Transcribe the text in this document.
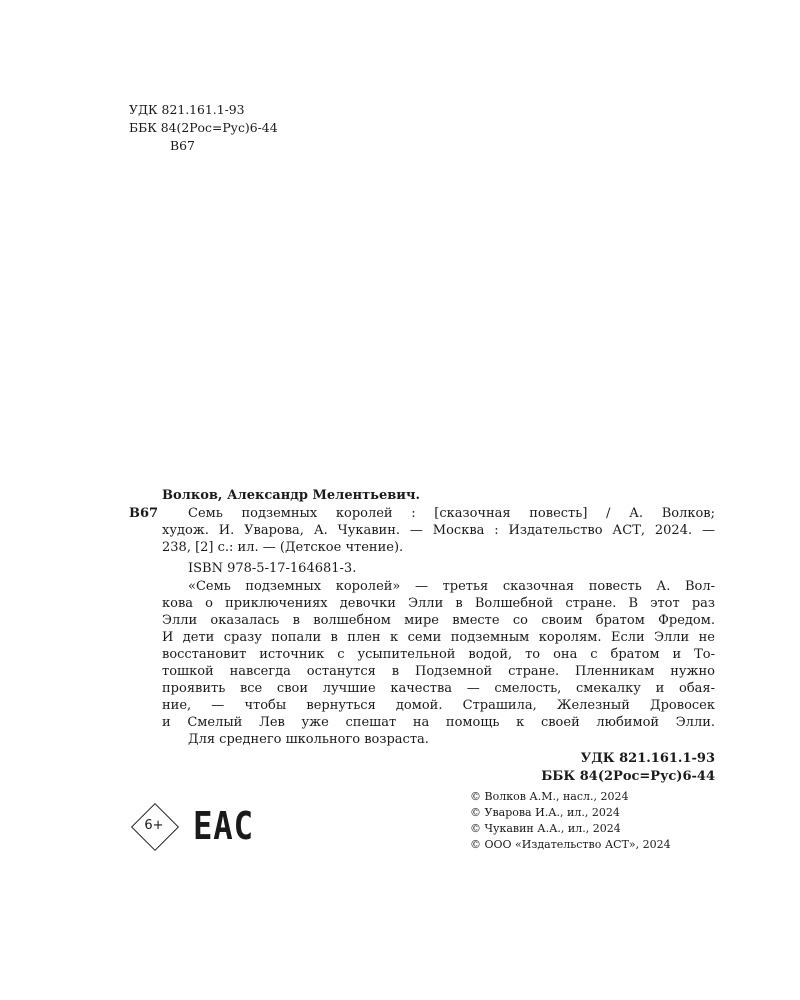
УДК 821.161.1-93
ББК 84(2Рос=Рус)6-44
В67
Волков, Александр Мелентьевич.
В67 Семь подземных королей : [сказочная повесть] / А. Волков;
худож. И. Уварова, А. Чукавин. — Москва : Издательство АСТ, 2024. —
238, [2] с.: ил. — (Детское чтение).
ISBN 978-5-17-164681-3.
«Семь подземных королей» — третья сказочная повесть А. Вол-
кова о приключениях девочки Элли в Волшебной стране. В этот раз
Элли оказалась в волшебном мире вместе со своим братом Фредом.
И дети сразу попали в плен к семи подземным королям. Если Элли не
восстановит источник с усыпительной водой, то она с братом и То-
тошкой навсегда останутся в Подземной стране. Пленникам нужно
проявить все свои лучшие качества — смелость, смекалку и обая-
ние, — чтобы вернуться домой. Страшила, Железный Дровосек
и Смелый Лев уже спешат на помощь к своей любимой Элли.
Для среднего школьного возраста.
УДК 821.161.1-93
ББК 84(2Рос=Рус)6-44
© Волков А.М., насл., 2024
© Уварова И.А., ил., 2024
© Чукавин А.А., ил., 2024
© ООО «Издательство АСТ», 2024
6+ EAC
